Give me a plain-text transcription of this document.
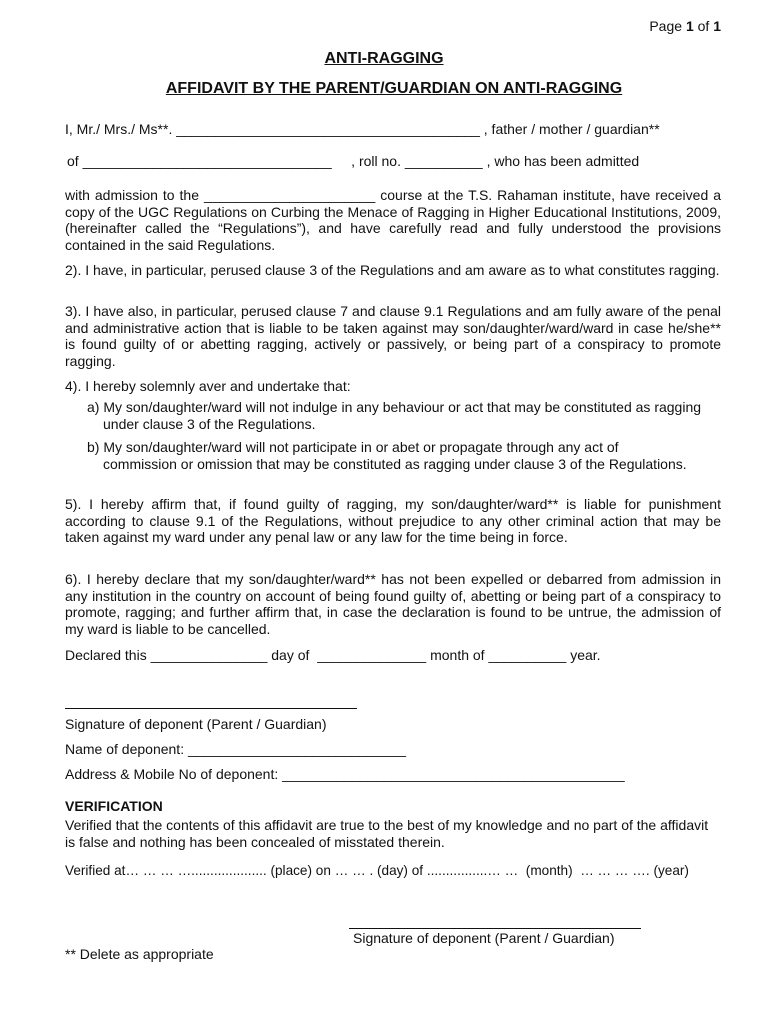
Page 1 of 1
ANTI-RAGGING
AFFIDAVIT BY THE PARENT/GUARDIAN ON ANTI-RAGGING
I, Mr./ Mrs./ Ms**. _______________________________________ , father / mother / guardian**
of ________________________________     , roll no. __________ , who has been admitted
with admission to the ______________________ course at the T.S. Rahaman institute, have received a copy of the UGC Regulations on Curbing the Menace of Ragging in Higher Educational Institutions, 2009, (hereinafter called the “Regulations”), and have carefully read and fully understood the provisions contained in the said Regulations.
2). I have, in particular, perused clause 3 of the Regulations and am aware as to what constitutes ragging.
3). I have also, in particular, perused clause 7 and clause 9.1 Regulations and am fully aware of the penal and administrative action that is liable to be taken against may son/daughter/ward/ward in case he/she** is found guilty of or abetting ragging, actively or passively, or being part of a conspiracy to promote ragging.
4). I hereby solemnly aver and undertake that:
a) My son/daughter/ward will not indulge in any behaviour or act that may be constituted as ragging under clause 3 of the Regulations.
b) My son/daughter/ward will not participate in or abet or propagate through any act of commission or omission that may be constituted as ragging under clause 3 of the Regulations.
5). I hereby affirm that, if found guilty of ragging, my son/daughter/ward** is liable for punishment according to clause 9.1 of the Regulations, without prejudice to any other criminal action that may be taken against my ward under any penal law or any law for the time being in force.
6). I hereby declare that my son/daughter/ward** has not been expelled or debarred from admission in any institution in the country on account of being found guilty of, abetting or being part of a conspiracy to promote, ragging; and further affirm that, in case the declaration is found to be untrue, the admission of my ward is liable to be cancelled.
Declared this _______________ day of  ______________ month of __________ year.
Signature of deponent (Parent / Guardian)
Name of deponent: ____________________________
Address & Mobile No of deponent: ____________________________________________
VERIFICATION
Verified that the contents of this affidavit are true to the best of my knowledge and no part of the affidavit is false and nothing has been concealed of misstated therein.
Verified at… … … ….................... (place) on … … . (day) of ................… …  (month)  … … … …. (year)
Signature of deponent (Parent / Guardian)
** Delete as appropriate
